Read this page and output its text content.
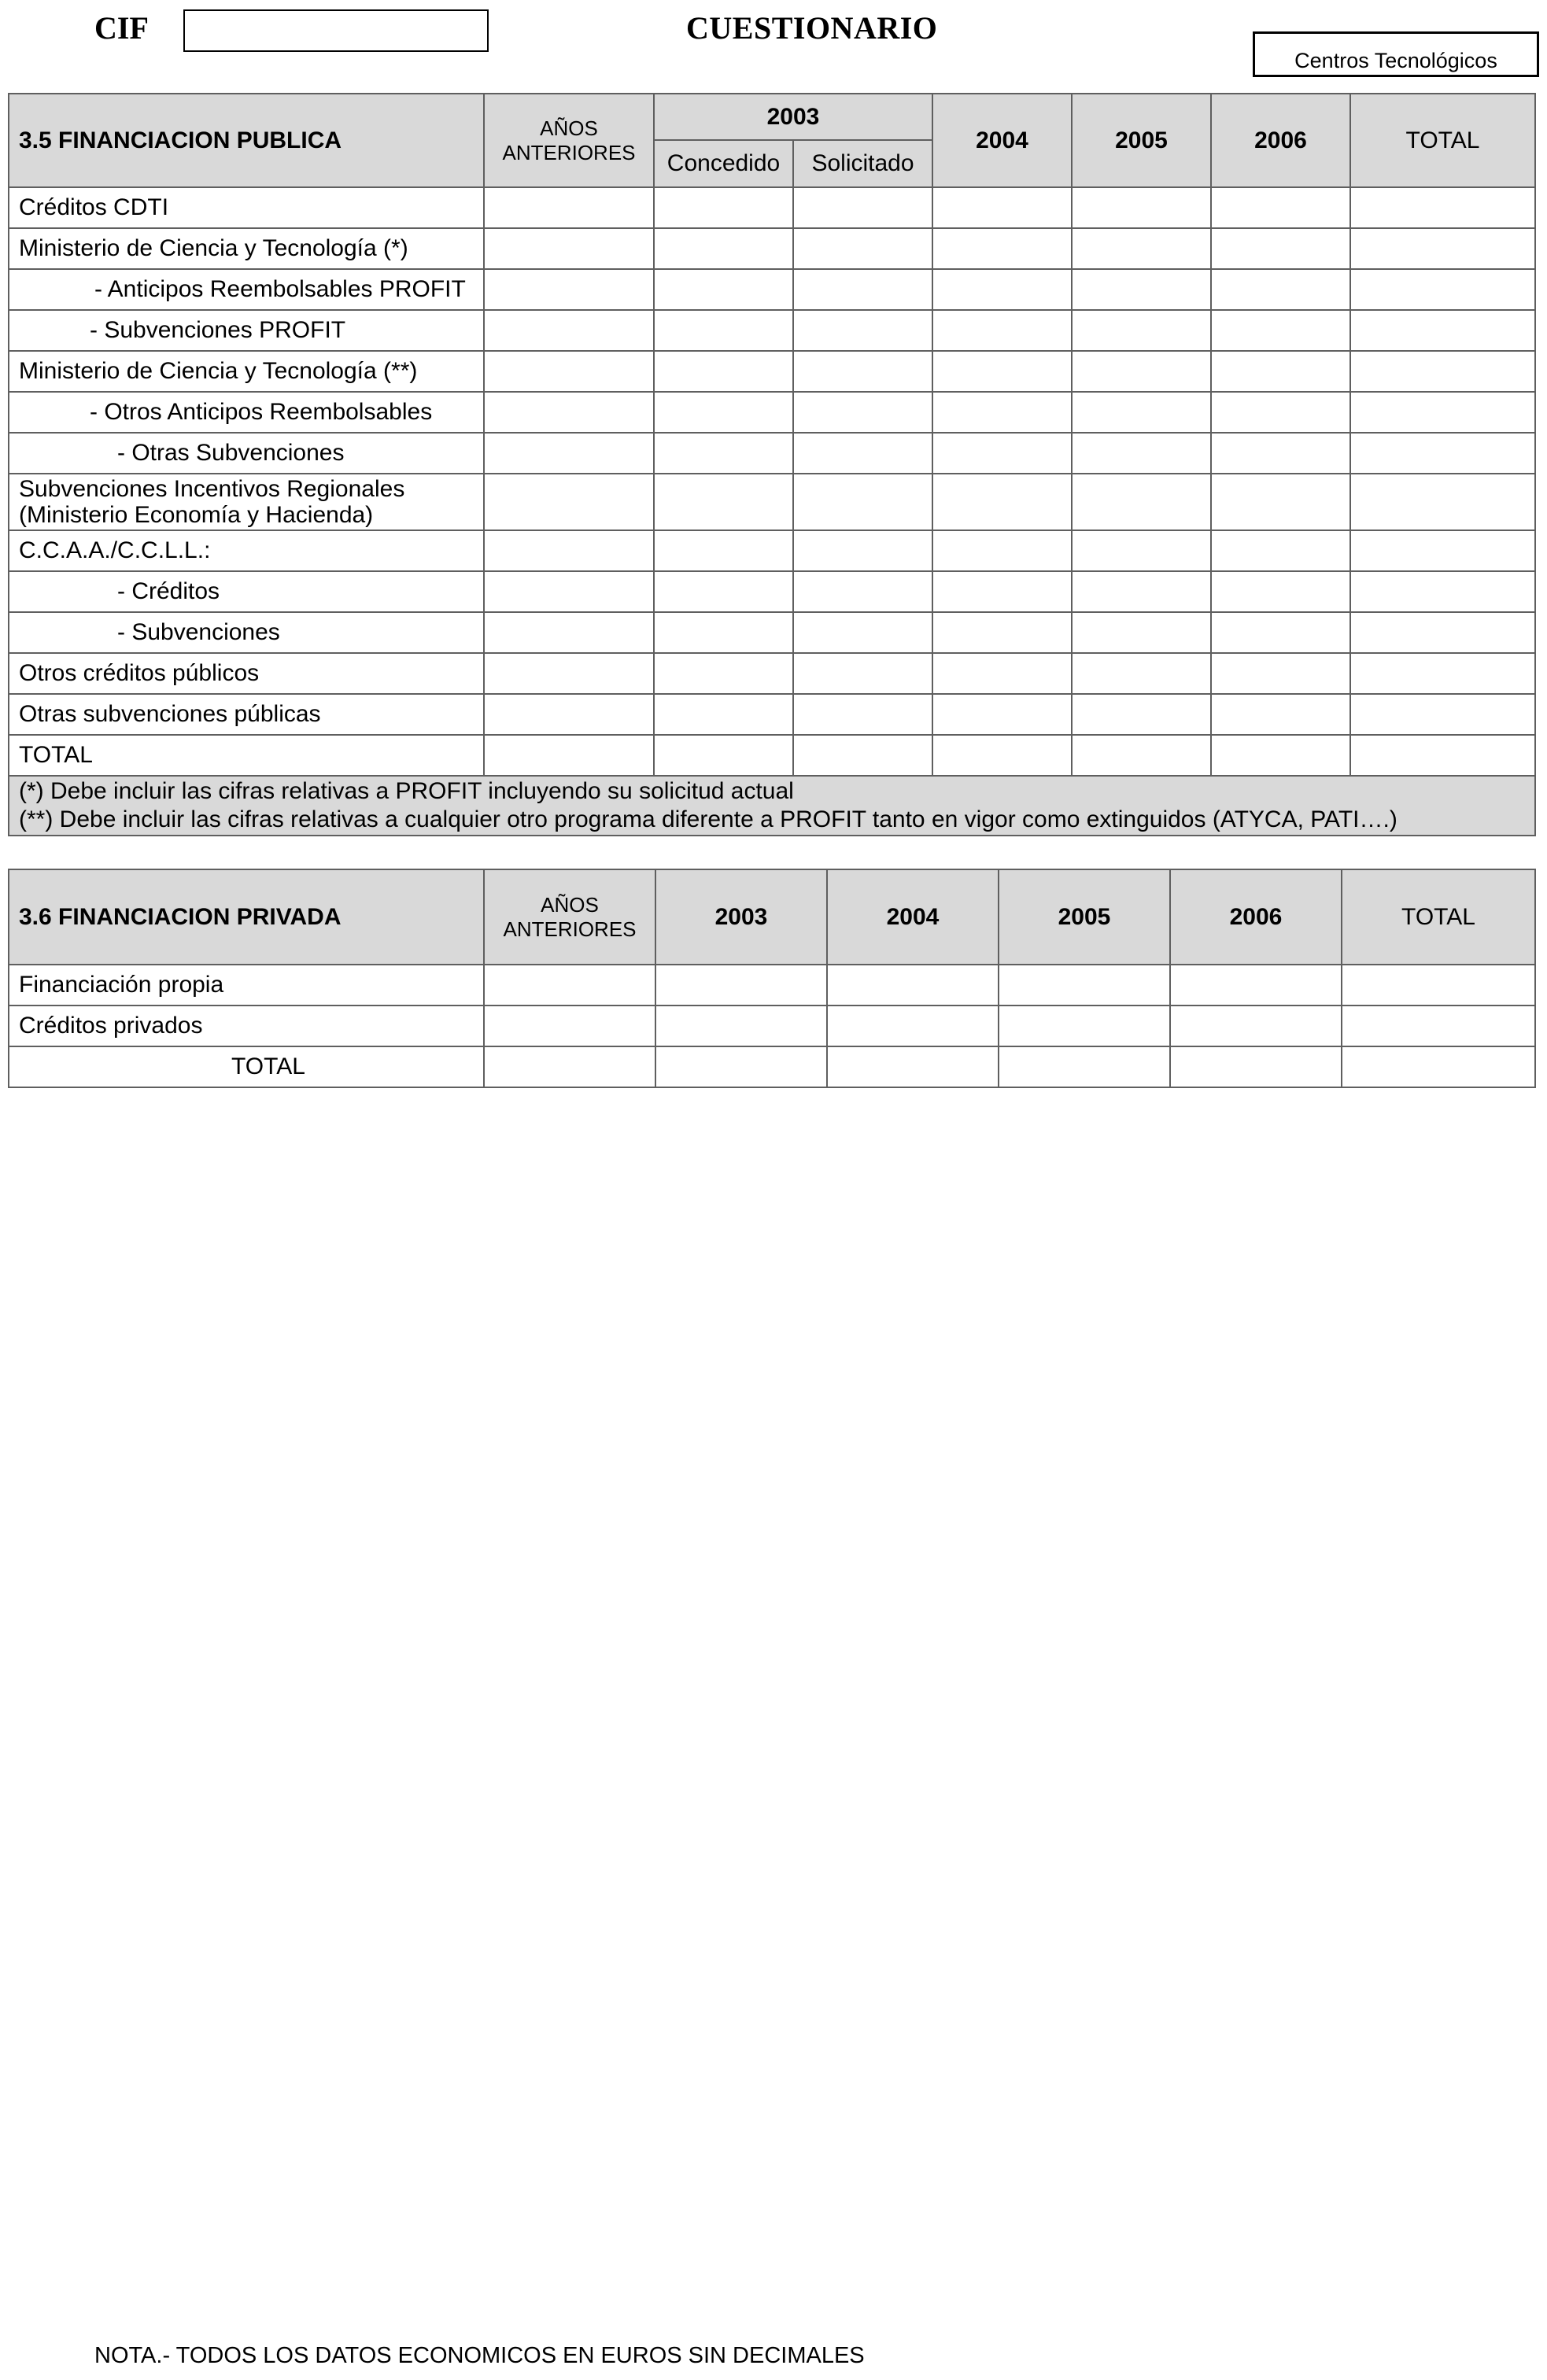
CIF	CUESTIONARIO
Centros Tecnológicos
3.5 FINANCIACION PUBLICA	AÑOS ANTERIORES	2003		2004	2005	2006	TOTAL
		Concedido	Solicitado				
Créditos CDTI							
Ministerio de Ciencia y Tecnología (*)							
- Anticipos Reembolsables PROFIT							
- Subvenciones PROFIT							
Ministerio de Ciencia y Tecnología (**)							
- Otros Anticipos Reembolsables							
- Otras Subvenciones							
Subvenciones Incentivos Regionales (Ministerio Economía y Hacienda)							
C.C.A.A./C.C.L.L.:							
- Créditos							
- Subvenciones							
Otros créditos públicos							
Otras subvenciones públicas							
TOTAL							

(*) Debe incluir las cifras relativas a PROFIT incluyendo su solicitud actual
(**) Debe incluir las cifras relativas a cualquier otro programa diferente a PROFIT tanto en vigor como extinguidos (ATYCA, PATI….)							
3.6 FINANCIACION PRIVADA	AÑOS ANTERIORES	2003	2004	2005	2006	TOTAL
Financiación propia						
Créditos privados						
TOTAL						
NOTA.- TODOS LOS DATOS ECONOMICOS EN EUROS SIN DECIMALES
